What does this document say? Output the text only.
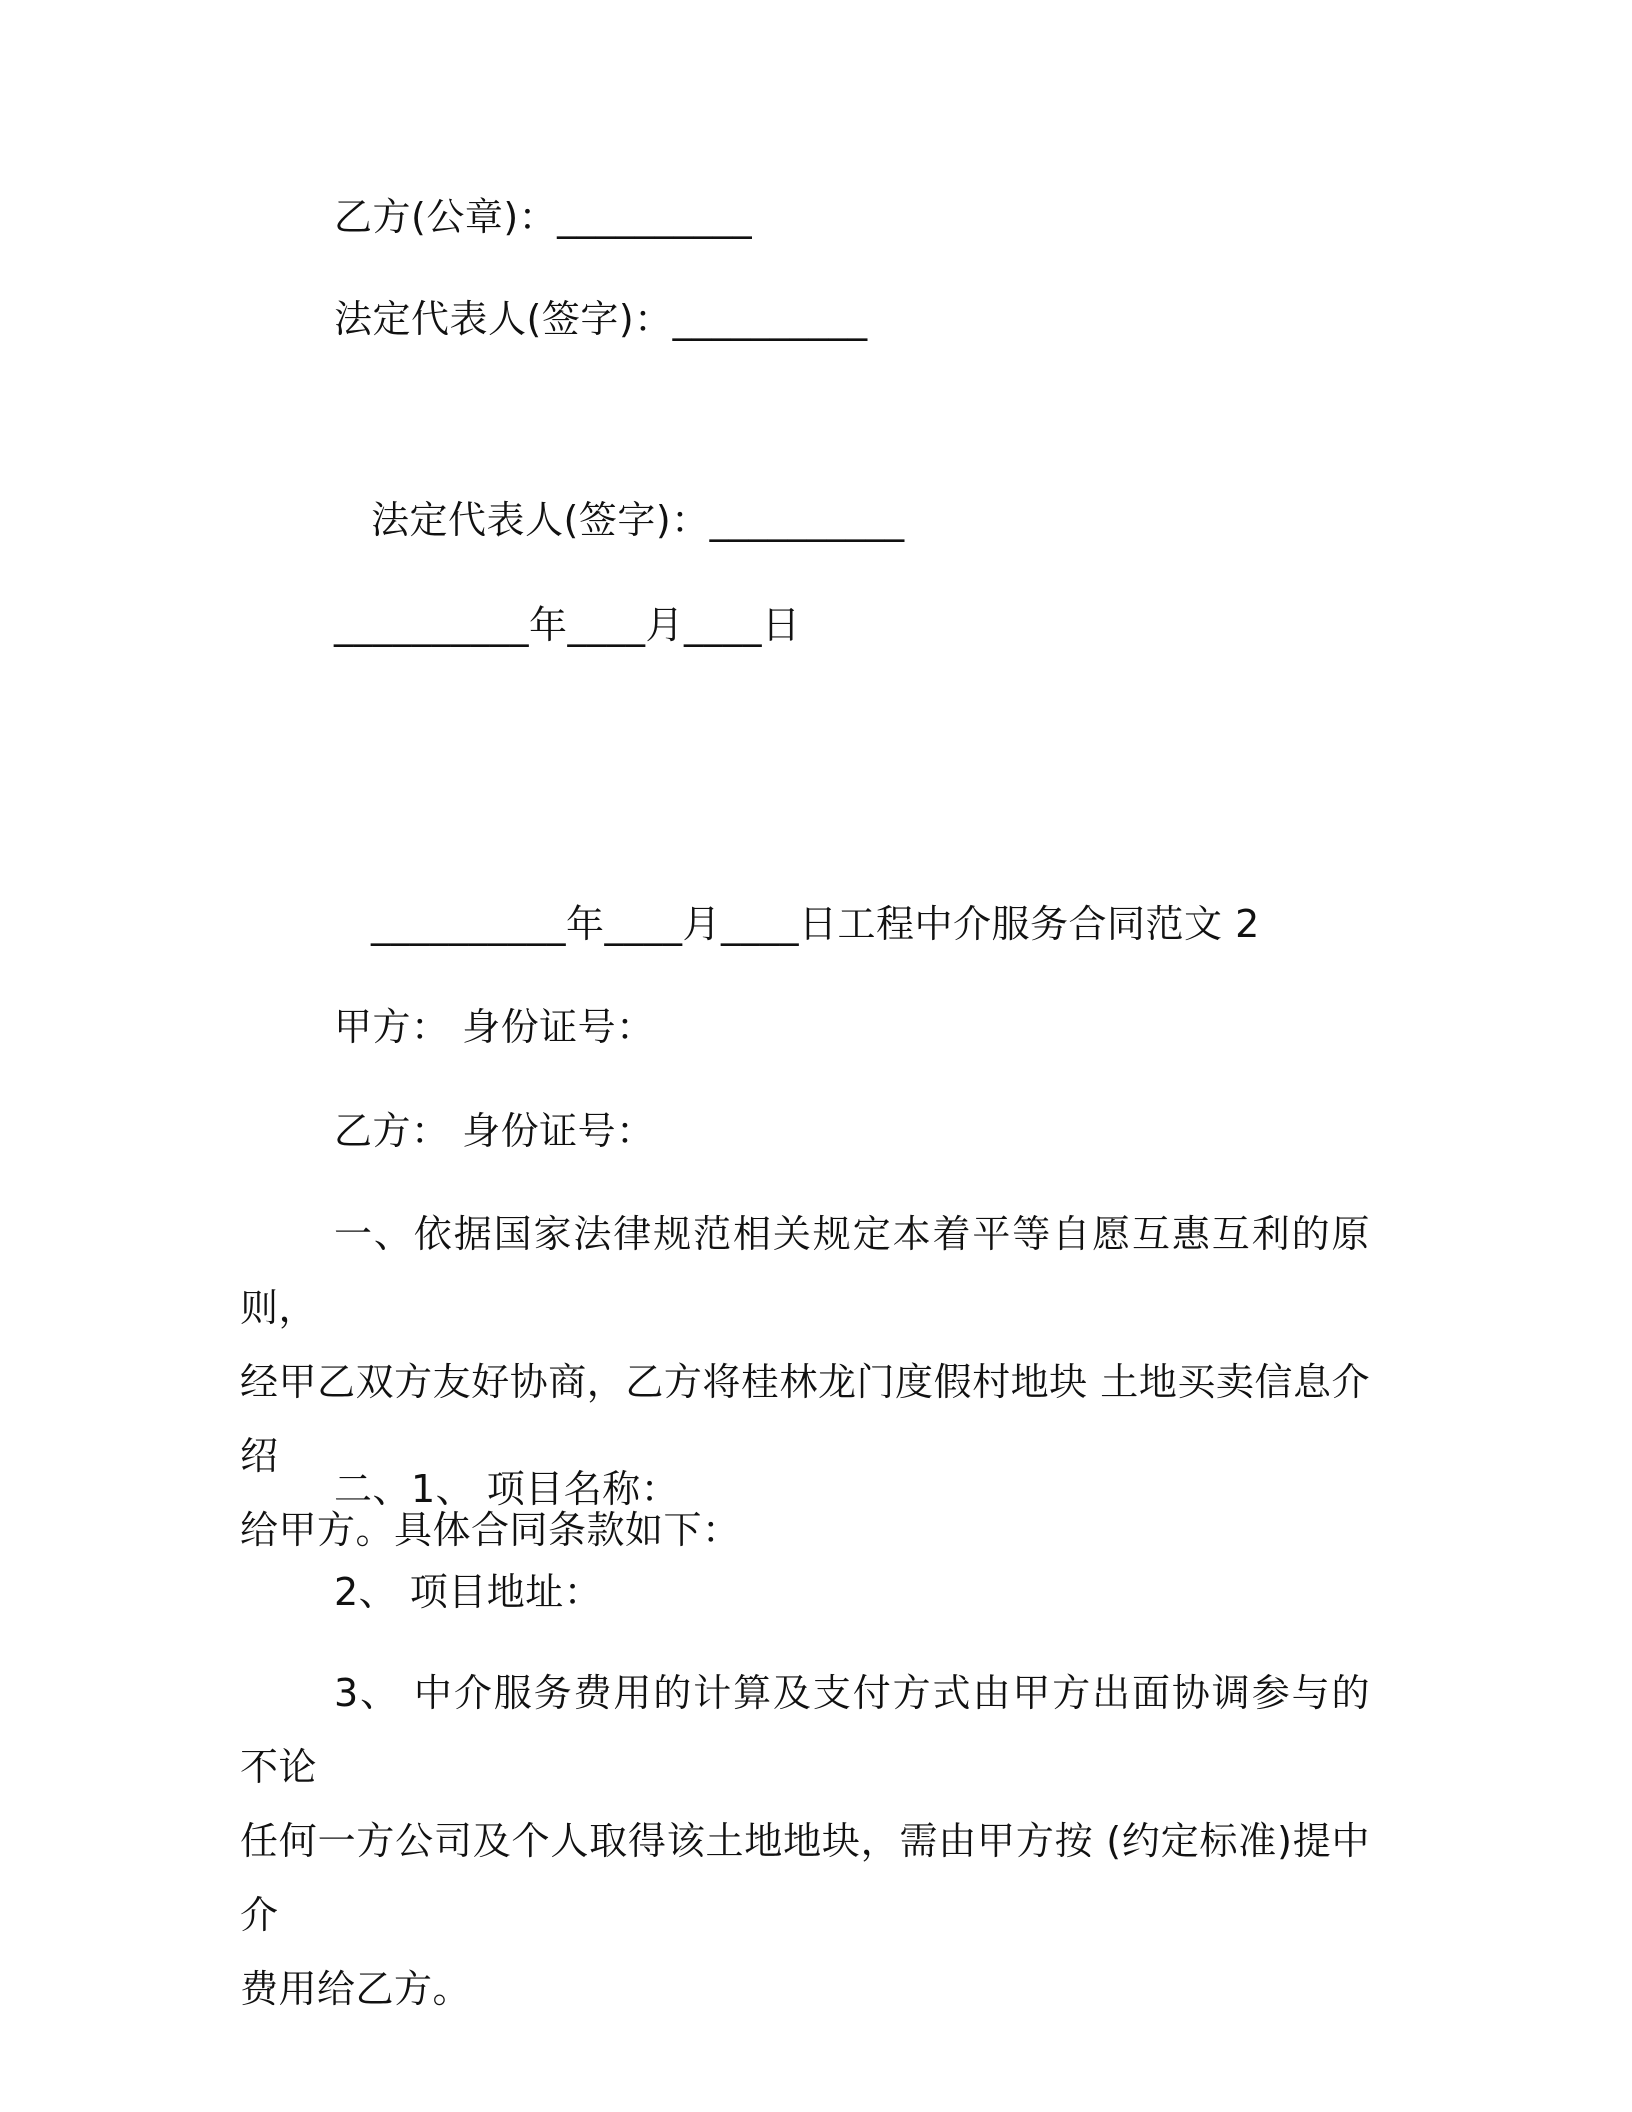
乙方(公章)：__________
法定代表人(签字)：__________
法定代表人(签字)：__________
__________年____月____日
__________年____月____日工程中介服务合同范文 2
甲方： 身份证号：
乙方： 身份证号：

一、依据国家法律规范相关规定本着平等自愿互惠互利的原则，
经甲乙双方友好协商，乙方将桂林龙门度假村地块 土地买卖信息介绍
给甲方。具体合同条款如下：

二、1、 项目名称：
2、 项目地址：

3、 中介服务费用的计算及支付方式由甲方出面协调参与的不论
任何一方公司及个人取得该土地地块，需由甲方按 (约定标准)提中介
费用给乙方。
